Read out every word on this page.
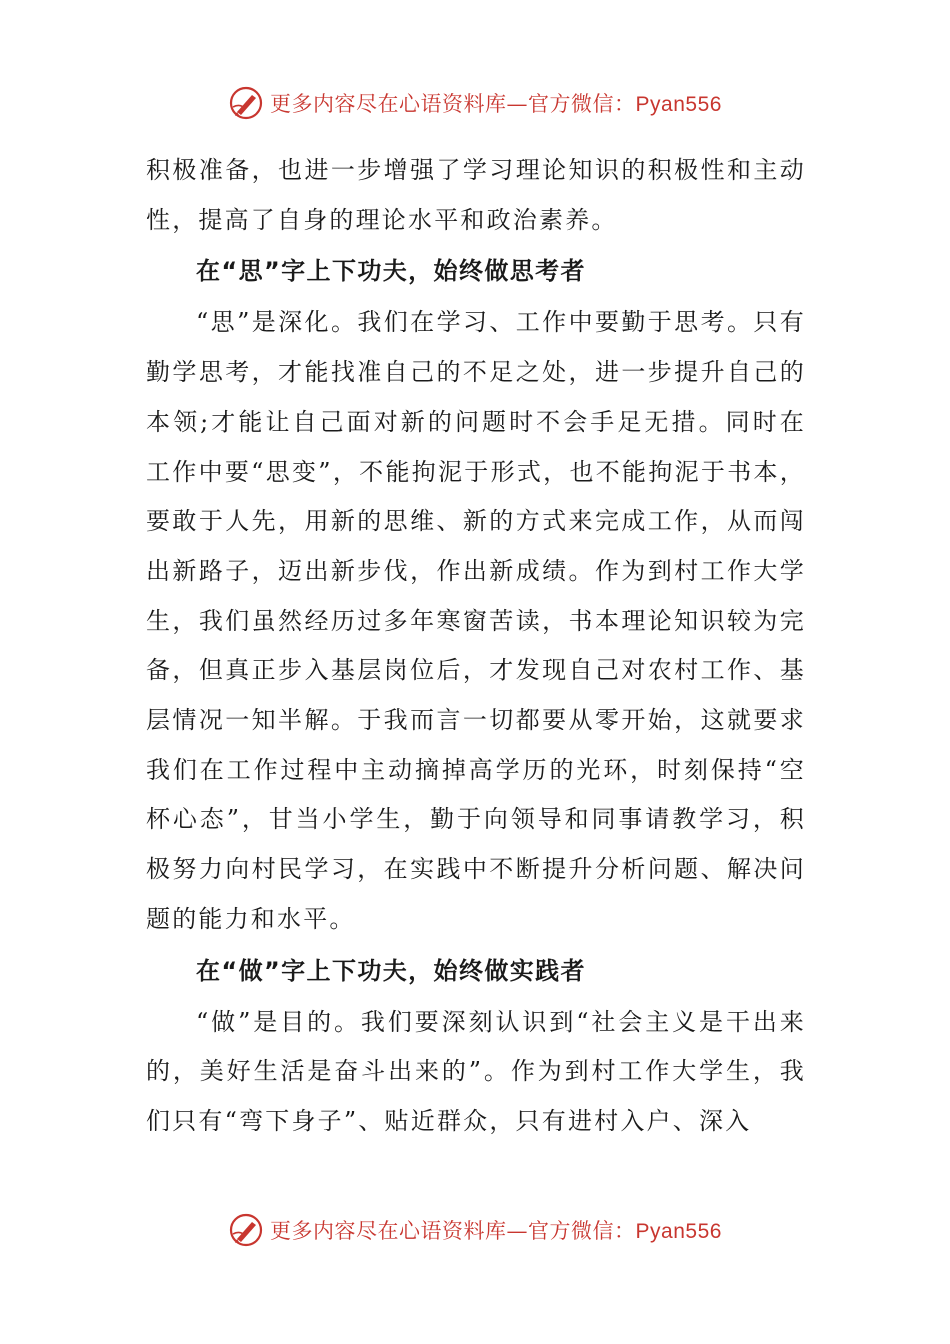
更多内容尽在心语资料库—官方微信：Pyan556

积极准备，也进一步增强了学习理论知识的积极性和主动性，提高了自身的理论水平和政治素养。

在“思”字上下功夫，始终做思考者

“思”是深化。我们在学习、工作中要勤于思考。只有勤学思考，才能找准自己的不足之处，进一步提升自己的本领;才能让自己面对新的问题时不会手足无措。同时在工作中要“思变”，不能拘泥于形式，也不能拘泥于书本，要敢于人先，用新的思维、新的方式来完成工作，从而闯出新路子，迈出新步伐，作出新成绩。作为到村工作大学生，我们虽然经历过多年寒窗苦读，书本理论知识较为完备，但真正步入基层岗位后，才发现自己对农村工作、基层情况一知半解。于我而言一切都要从零开始，这就要求我们在工作过程中主动摘掉高学历的光环，时刻保持“空杯心态”，甘当小学生，勤于向领导和同事请教学习，积极努力向村民学习，在实践中不断提升分析问题、解决问题的能力和水平。

在“做”字上下功夫，始终做实践者

“做”是目的。我们要深刻认识到“社会主义是干出来的，美好生活是奋斗出来的”。作为到村工作大学生，我们只有“弯下身子”、贴近群众，只有进村入户、深入

更多内容尽在心语资料库—官方微信：Pyan556
